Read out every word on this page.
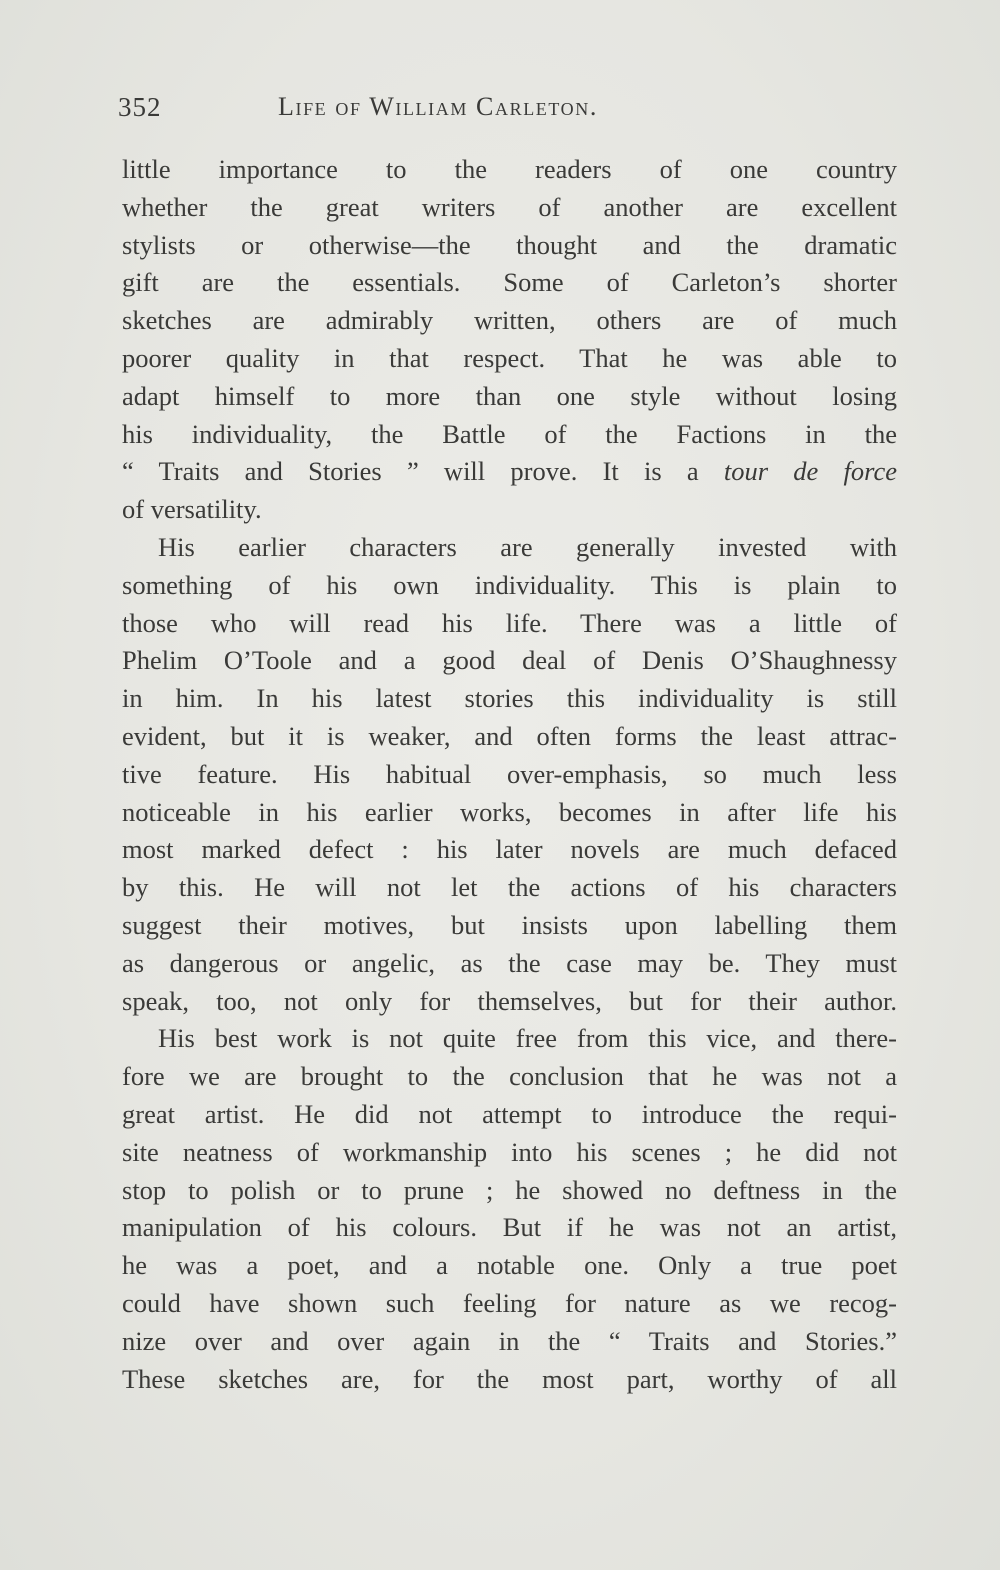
352	Life of William Carleton.
little importance to the readers of one country
whether the great writers of another are excellent
stylists or otherwise—the thought and the dramatic
gift are the essentials. Some of Carleton’s shorter
sketches are admirably written, others are of much
poorer quality in that respect. That he was able to
adapt himself to more than one style without losing
his individuality, the Battle of the Factions in the
“ Traits and Stories ” will prove. It is a tour de force
of versatility.
His earlier characters are generally invested with
something of his own individuality. This is plain to
those who will read his life. There was a little of
Phelim O’Toole and a good deal of Denis O’Shaughnessy
in him. In his latest stories this individuality is still
evident, but it is weaker, and often forms the least attrac-
tive feature. His habitual over-emphasis, so much less
noticeable in his earlier works, becomes in after life his
most marked defect : his later novels are much defaced
by this. He will not let the actions of his characters
suggest their motives, but insists upon labelling them
as dangerous or angelic, as the case may be. They must
speak, too, not only for themselves, but for their author.
His best work is not quite free from this vice, and there-
fore we are brought to the conclusion that he was not a
great artist. He did not attempt to introduce the requi-
site neatness of workmanship into his scenes ; he did not
stop to polish or to prune ; he showed no deftness in the
manipulation of his colours. But if he was not an artist,
he was a poet, and a notable one. Only a true poet
could have shown such feeling for nature as we recog-
nize over and over again in the “ Traits and Stories.”
These sketches are, for the most part, worthy of all
